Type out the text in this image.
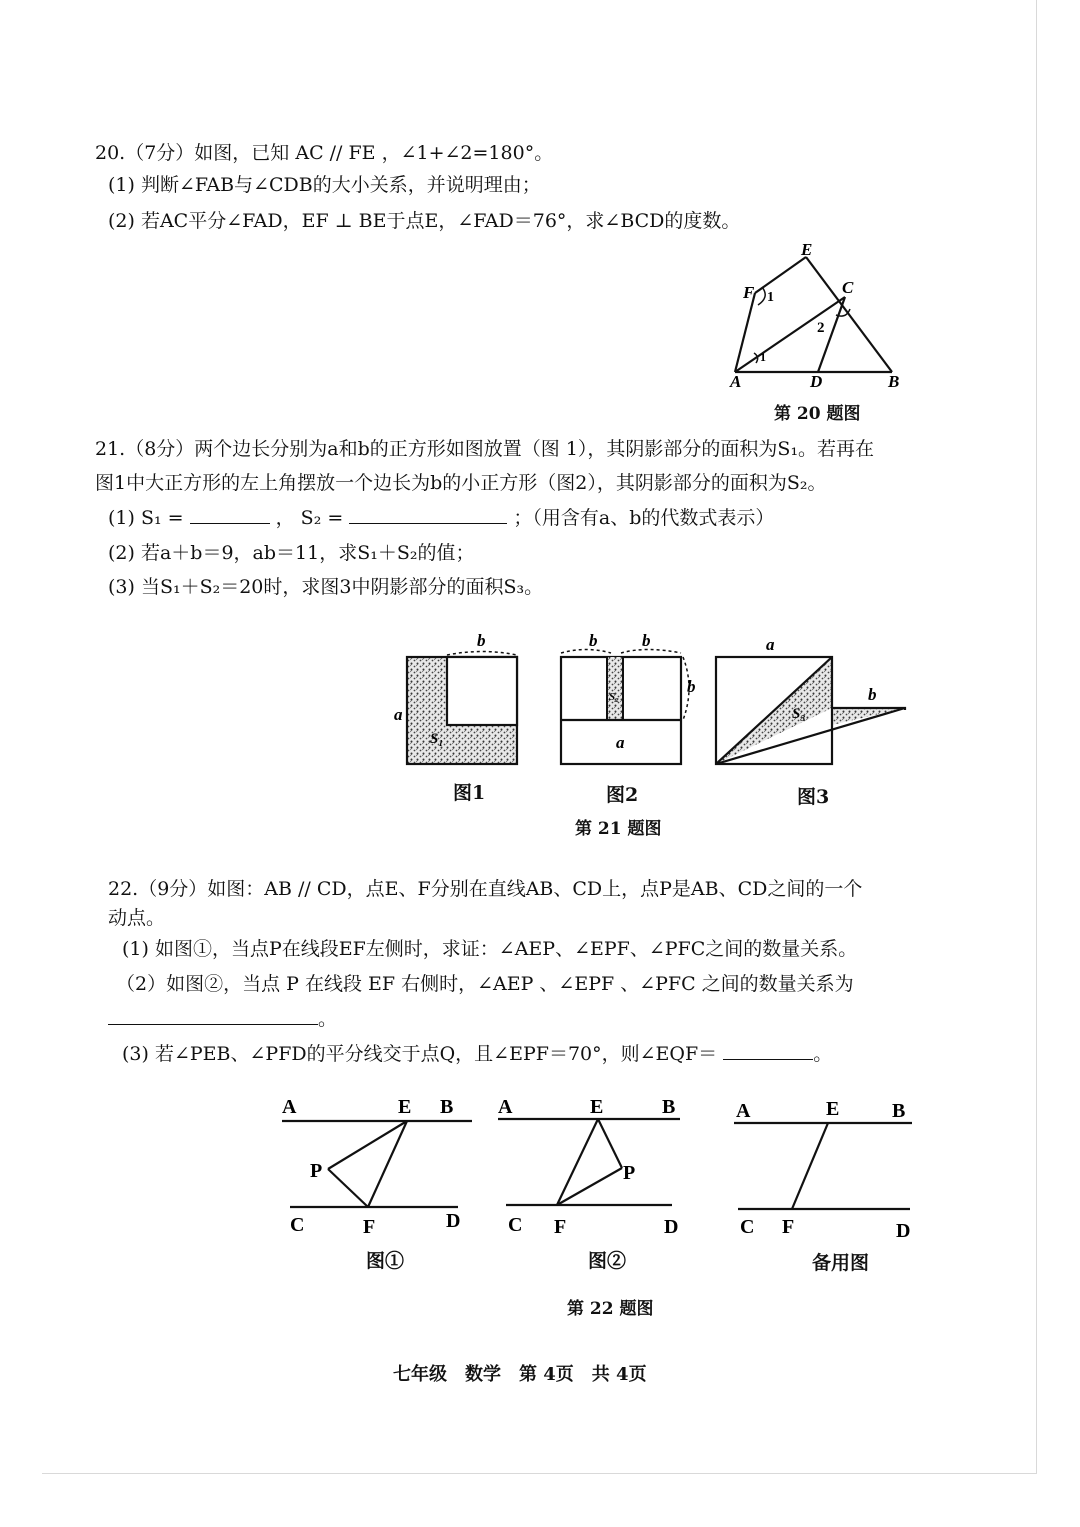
20.（7分）如图，已知 AC // FE ，∠1+∠2=180°。
(1) 判断∠FAB与∠CDB的大小关系，并说明理由；
(2) 若AC平分∠FAD，EF ⊥ BE于点E，∠FAD＝76°，求∠BCD的度数。
E
F 1
C
2
1
A	D	B
第 20 题图
21.（8分）两个边长分别为a和b的正方形如图放置（图 1），其阴影部分的面积为S₁。若再在
图1中大正方形的左上角摆放一个边长为b的小正方形（图2），其阴影部分的面积为S₂。
(1) S₁ =	， S₂ =	；（用含有a、b的代数式表示）
(2) 若a＋b＝9，ab＝11，求S₁＋S₂的值；
(3) 当S₁＋S₂＝20时，求图3中阴影部分的面积S₃。
b
a
S₁
b	b
b
a
S₂
a
b
S₃
图1	图2	图3
第 21 题图
22.（9分）如图：AB // CD，点E、F分别在直线AB、CD上，点P是AB、CD之间的一个
动点。
(1) 如图①，当点P在线段EF左侧时，求证：∠AEP、∠EPF、∠PFC之间的数量关系。
（2）如图②，当点 P 在线段 EF 右侧时，∠AEP 、∠EPF 、∠PFC 之间的数量关系为
。
(3) 若∠PEB、∠PFD的平分线交于点Q，且∠EPF＝70°，则∠EQF＝	。
A	E B
P
C	F	D
A	E	B
P
C F	D
A	E	B
C F	D
图①	图②	备用图
第 22 题图
七年级　数学　第 4页　共 4页
